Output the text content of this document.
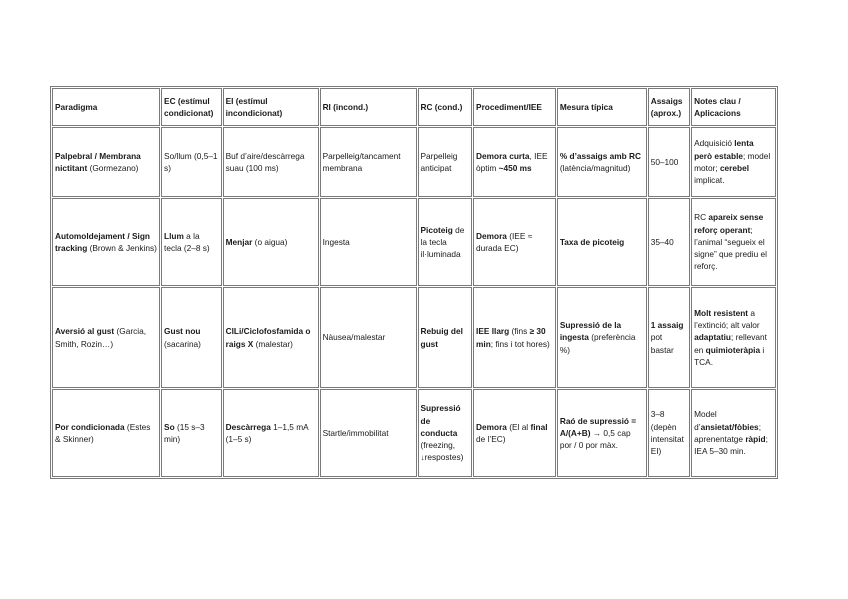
Paradigma	EC (estímul condicionat)	EI (estímul incondicionat)	RI (incond.)	RC (cond.)	Procediment/IEE	Mesura típica	Assaigs (aprox.)	Notes clau / Aplicacions
Palpebral / Membrana nictitant (Gormezano)	So/llum (0,5–1 s)	Buf d’aire/descàrrega suau (100 ms)	Parpelleig/tancament membrana	Parpelleig anticipat	Demora curta, IEE òptim ~450 ms	% d’assaigs amb RC (latència/magnitud)	50–100	Adquisició lenta però estable; model motor; cerebel implicat.
Automoldejament / Sign tracking (Brown & Jenkins)	Llum a la tecla (2–8 s)	Menjar (o aigua)	Ingesta	Picoteig de la tecla il·luminada	Demora (IEE ≈ durada EC)	Taxa de picoteig	35–40	RC apareix sense reforç operant; l’animal “segueix el signe” que prediu el reforç.
Aversió al gust (Garcia, Smith, Rozin…)	Gust nou (sacarina)	ClLi/Ciclofosfamida o raigs X (malestar)	Nàusea/malestar	Rebuig del gust	IEE llarg (fins ≥ 30 min; fins i tot hores)	Supressió de la ingesta (preferència %)	1 assaig pot bastar	Molt resistent a l’extinció; alt valor adaptatiu; rellevant en quimioteràpia i TCA.
Por condicionada (Estes & Skinner)	So (15 s–3 min)	Descàrrega 1–1,5 mA (1–5 s)	Startle/immobilitat	Supressió de conducta (freezing, ↓respostes)	Demora (El al final de l’EC)	Raó de supressió = A/(A+B) → 0,5 cap por / 0 por màx.	3–8 (depèn intensitat EI)	Model d’ansietat/fòbies; aprenentatge ràpid; IEA 5–30 min.
